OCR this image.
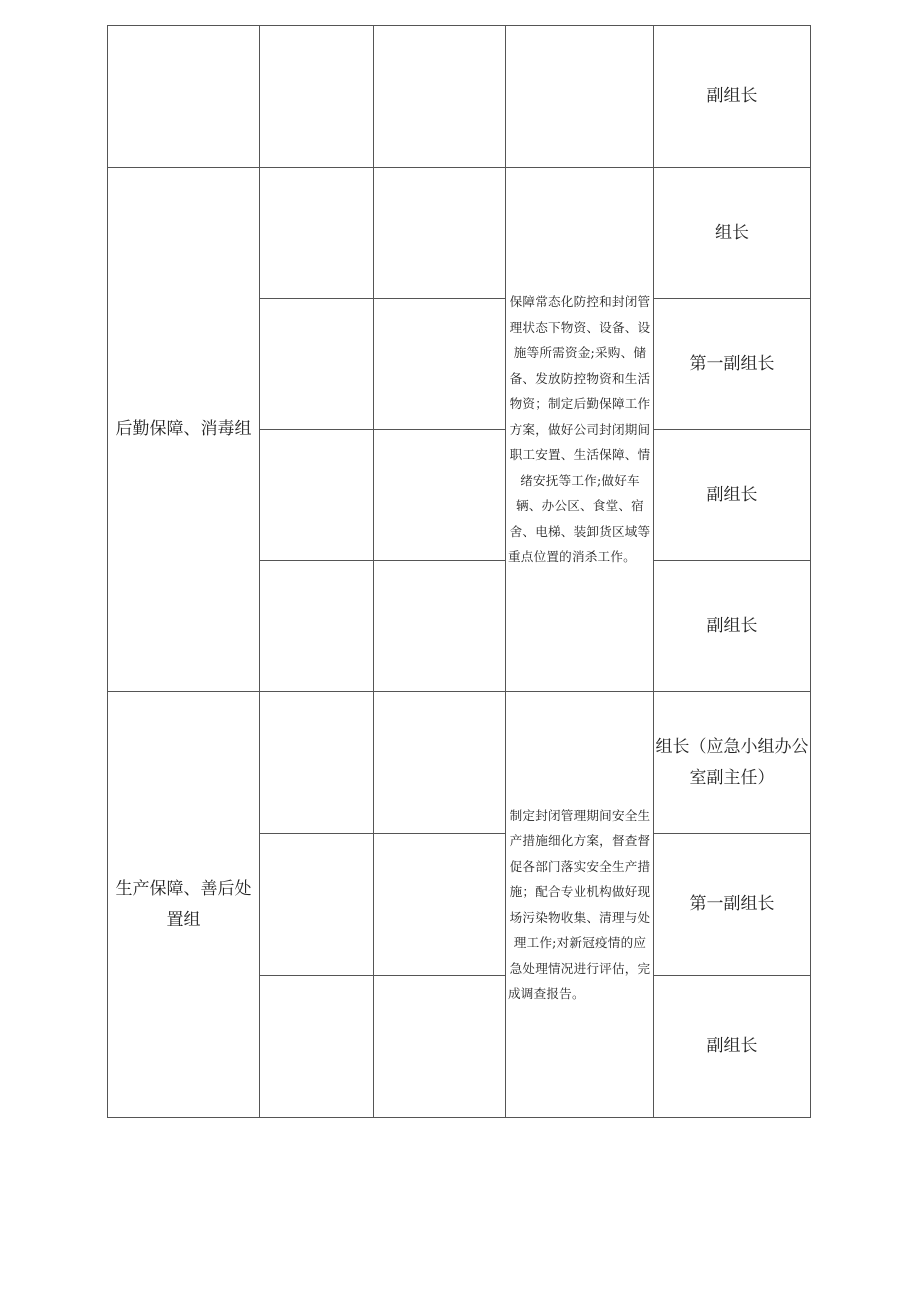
				副组长
后勤保障、消毒组			保障常态化防控和封闭管理状态下物资、设备、设施等所需资金;采购、储备、发放防控物资和生活物资；制定后勤保障工作方案，做好公司封闭期间职工安置、生活保障、情绪安抚等工作;做好车辆、办公区、食堂、宿舍、电梯、装卸货区域等重点位置的消杀工作。	组长
				第一副组长
				副组长
				副组长
生产保障、善后处置组			制定封闭管理期间安全生产措施细化方案，督查督促各部门落实安全生产措施；配合专业机构做好现场污染物收集、清理与处理工作;对新冠疫情的应急处理情况进行评估，完成调查报告。	组长（应急小组办公室副主任）
				第一副组长
				副组长
